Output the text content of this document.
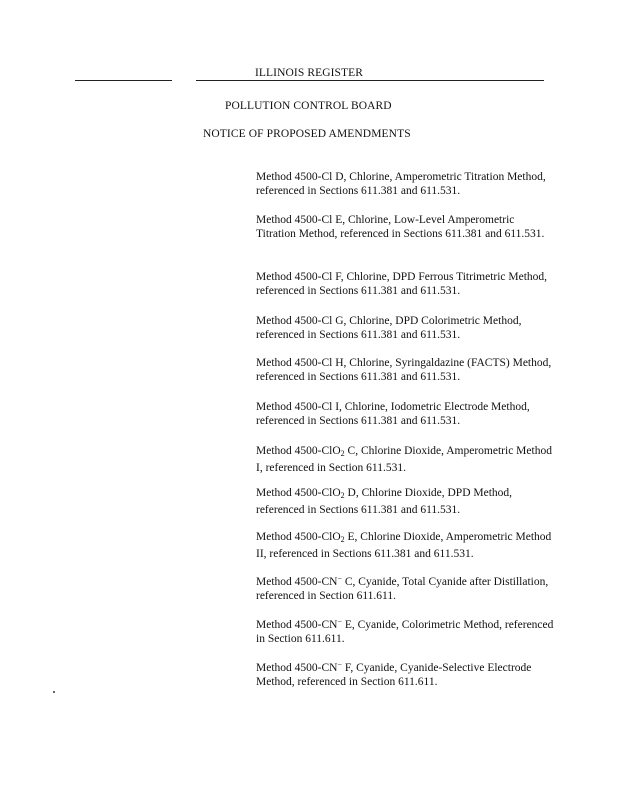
ILLINOIS REGISTER
POLLUTION CONTROL BOARD
NOTICE OF PROPOSED AMENDMENTS
Method 4500-Cl D, Chlorine, Amperometric Titration Method, referenced in Sections 611.381 and 611.531.
Method 4500-Cl E, Chlorine, Low-Level Amperometric Titration Method, referenced in Sections 611.381 and 611.531.
Method 4500-Cl F, Chlorine, DPD Ferrous Titrimetric Method, referenced in Sections 611.381 and 611.531.
Method 4500-Cl G, Chlorine, DPD Colorimetric Method, referenced in Sections 611.381 and 611.531.
Method 4500-Cl H, Chlorine, Syringaldazine (FACTS) Method, referenced in Sections 611.381 and 611.531.
Method 4500-Cl I, Chlorine, Iodometric Electrode Method, referenced in Sections 611.381 and 611.531.
Method 4500-ClO$_2$ C, Chlorine Dioxide, Amperometric Method I, referenced in Section 611.531.
Method 4500-ClO$_2$ D, Chlorine Dioxide, DPD Method, referenced in Sections 611.381 and 611.531.
Method 4500-ClO$_2$ E, Chlorine Dioxide, Amperometric Method II, referenced in Sections 611.381 and 611.531.
Method 4500-CN− C, Cyanide, Total Cyanide after Distillation, referenced in Section 611.611.
Method 4500-CN− E, Cyanide, Colorimetric Method, referenced in Section 611.611.
Method 4500-CN− F, Cyanide, Cyanide-Selective Electrode Method, referenced in Section 611.611.
